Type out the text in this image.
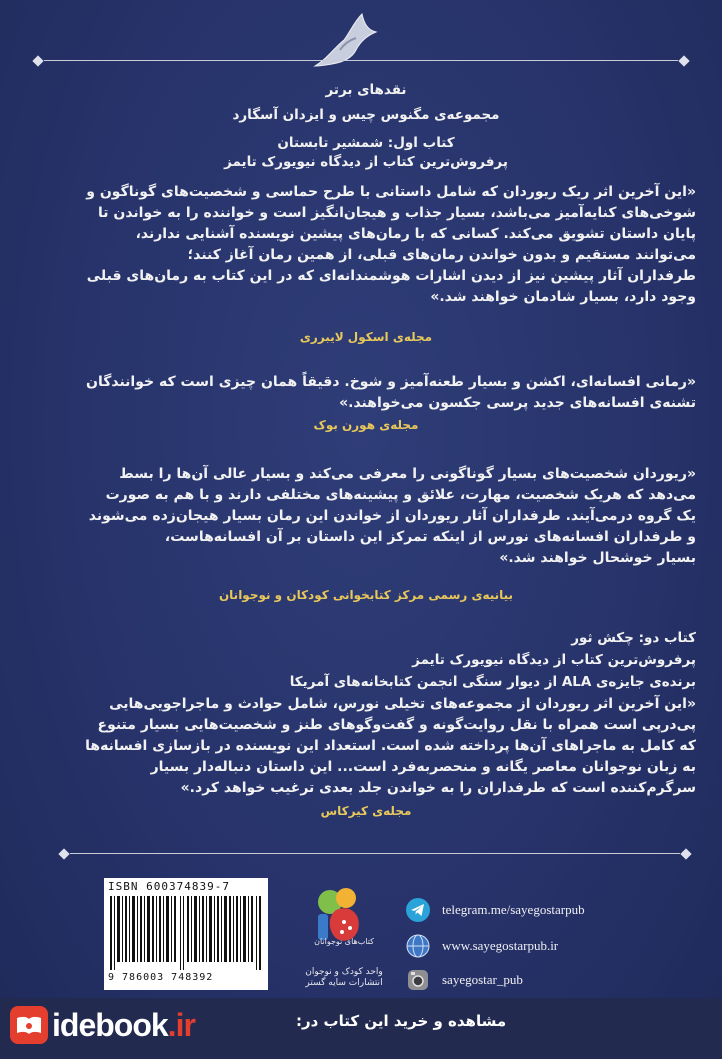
نقدهای برتر
مجموعه‌ی مگنوس چیس و ایزدان آسگارد
کتاب اول: شمشیر تابستان
پرفروش‌ترین کتاب از دیدگاه نیویورک تایمز
«این آخرین اثر ریک ریوردان که شامل داستانی با طرح حماسی و شخصیت‌های گوناگون و
شوخی‌های کنایه‌آمیز می‌باشد، بسیار جذاب و هیجان‌انگیز است و خواننده را به خواندن تا
پایان داستان تشویق می‌کند. کسانی که با رمان‌های پیشین نویسنده آشنایی ندارند،
می‌توانند مستقیم و بدون خواندن رمان‌های قبلی، از همین رمان آغاز کنند؛
طرفداران آثار پیشین نیز از دیدن اشارات هوشمندانه‌ای که در این کتاب به رمان‌های قبلی
وجود دارد، بسیار شادمان خواهند شد.»
مجله‌ی اسکول لایبرری
«رمانی افسانه‌ای، اکشن و بسیار طعنه‌آمیز و شوخ. دقیقاً همان چیزی است که خوانندگان
تشنه‌ی افسانه‌های جدید پرسی جکسون می‌خواهند.»
مجله‌ی هورن بوک
«ریوردان شخصیت‌های بسیار گوناگونی را معرفی می‌کند و بسیار عالی آن‌ها را بسط
می‌دهد که هریک شخصیت، مهارت، علائق و پیشینه‌های مختلفی دارند و با هم به صورت
یک گروه درمی‌آیند. طرفداران آثار ریوردان از خواندن این رمان بسیار هیجان‌زده می‌شوند
و طرفداران افسانه‌های نورس از اینکه تمرکز این داستان بر آن افسانه‌هاست،
بسیار خوشحال خواهند شد.»
بیانیه‌ی رسمی مرکز کتابخوانی کودکان و نوجوانان
کتاب دو: چکش ثور
پرفروش‌ترین کتاب از دیدگاه نیویورک تایمز
برنده‌ی جایزه‌ی ALA از دیوار سنگی انجمن کتابخانه‌های آمریکا
«این آخرین اثر ریوردان از مجموعه‌های تخیلی نورس، شامل حوادث و ماجراجویی‌هایی
پی‌درپی است همراه با نقل روایت‌گونه و گفت‌وگوهای طنز و شخصیت‌هایی بسیار متنوع
که کامل به ماجراهای آن‌ها پرداخته شده است. استعداد این نویسنده در بازسازی افسانه‌ها
به زبان نوجوانان معاصر یگانه و منحصربه‌فرد است... این داستان دنباله‌دار بسیار
سرگرم‌کننده است که طرفداران را به خواندن جلد بعدی ترغیب خواهد کرد.»
مجله‌ی کیرکاس
ISBN 600374839-7
9 786003 748392
کتاب‌های نوجوانان
واحد کودک و نوجوان
انتشارات سایه گستر
telegram.me/sayegostarpub
www.sayegostarpub.ir
sayegostar_pub
idebook.ir	مشاهده و خرید این کتاب در:
